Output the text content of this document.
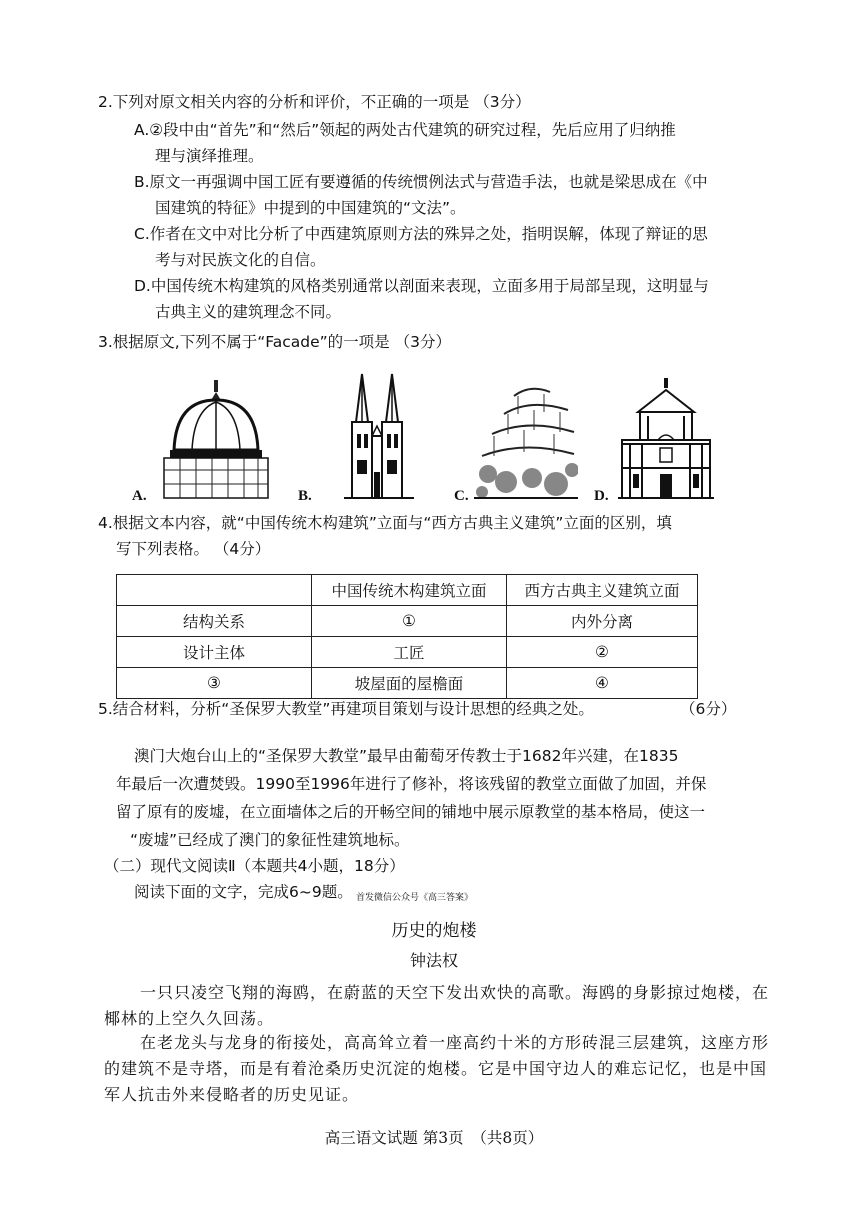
2.下列对原文相关内容的分析和评价，不正确的一项是 （3分）
A.②段中由“首先”和“然后”领起的两处古代建筑的研究过程，先后应用了归纳推
理与演绎推理。
B.原文一再强调中国工匠有要遵循的传统惯例法式与营造手法，也就是梁思成在《中
国建筑的特征》中提到的中国建筑的“文法”。
C.作者在文中对比分析了中西建筑原则方法的殊异之处，指明误解，体现了辩证的思
考与对民族文化的自信。
D.中国传统木构建筑的风格类别通常以剖面来表现，立面多用于局部呈现，这明显与
古典主义的建筑理念不同。
3.根据原文,下列不属于“Facade”的一项是 （3分）
A.	B.	C.	D.
4.根据文本内容，就“中国传统木构建筑”立面与“西方古典主义建筑”立面的区别，填
写下列表格。 （4分）
	中国传统木构建筑立面	西方古典主义建筑立面
结构关系	①	内外分离
设计主体	工匠	②
③	坡屋面的屋檐面	④
5.结合材料，分析“圣保罗大教堂”再建项目策划与设计思想的经典之处。	（6分）
澳门大炮台山上的“圣保罗大教堂”最早由葡萄牙传教士于1682年兴建，在1835
年最后一次遭焚毁。1990至1996年进行了修补，将该残留的教堂立面做了加固，并保
留了原有的废墟，在立面墙体之后的开畅空间的铺地中展示原教堂的基本格局，使这一
“废墟”已经成了澳门的象征性建筑地标。
（二）现代文阅读Ⅱ（本题共4小题，18分）
阅读下面的文字，完成6~9题。 首发微信公众号《高三答案》
历史的炮楼
钟法权
一只只凌空飞翔的海鸥，在蔚蓝的天空下发出欢快的高歌。海鸥的身影掠过炮楼，在
椰林的上空久久回荡。
在老龙头与龙身的衔接处，高高耸立着一座高约十米的方形砖混三层建筑，这座方形
的建筑不是寺塔，而是有着沧桑历史沉淀的炮楼。它是中国守边人的难忘记忆，也是中国
军人抗击外来侵略者的历史见证。
高三语文试题 第3页　（共8页）
